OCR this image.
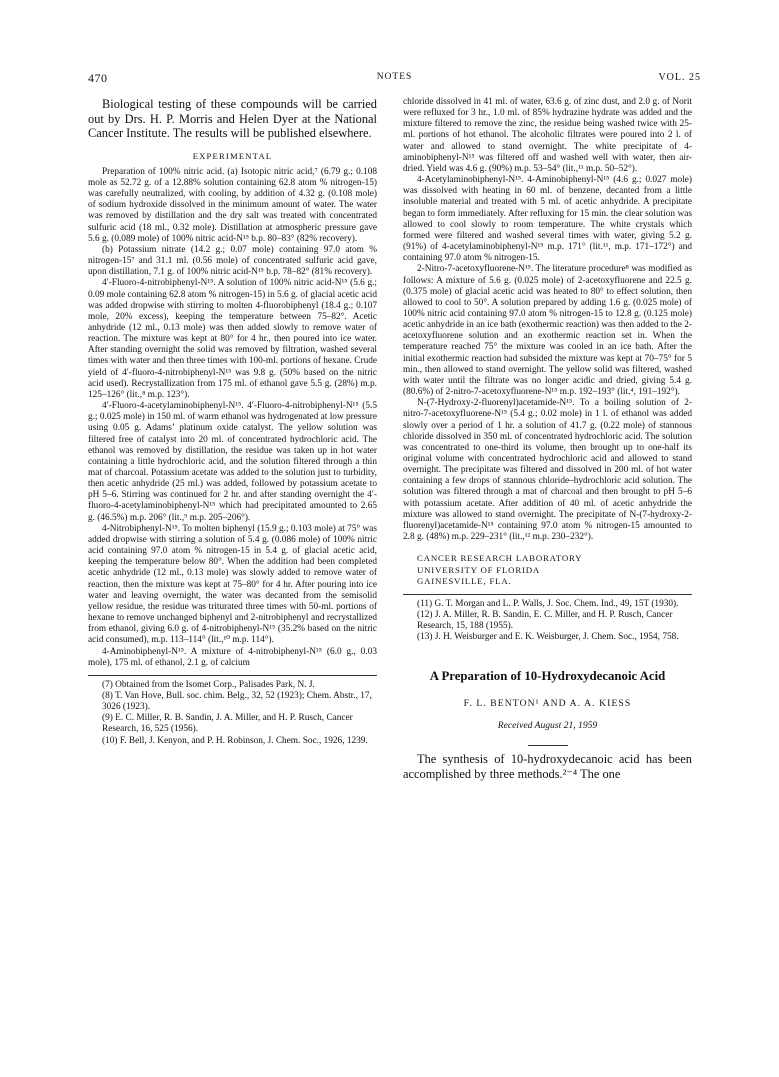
470	NOTES	VOL. 25

Biological testing of these compounds will be carried out by Drs. H. P. Morris and Helen Dyer at the National Cancer Institute. The results will be published elsewhere.

EXPERIMENTAL

Preparation of 100% nitric acid. (a) Isotopic nitric acid,⁷ (6.79 g.; 0.108 mole as 52.72 g. of a 12.88% solution containing 62.8 atom % nitrogen-15) was carefully neutralized, with cooling, by addition of 4.32 g. (0.108 mole) of sodium hydroxide dissolved in the minimum amount of water. The water was removed by distillation and the dry salt was treated with concentrated sulfuric acid (18 ml., 0.32 mole). Distillation at atmospheric pressure gave 5.6 g. (0.089 mole) of 100% nitric acid-N¹⁵ b.p. 80–83° (82% recovery).

(b) Potassium nitrate (14.2 g.; 0.07 mole) containing 97.0 atom % nitrogen-15⁷ and 31.1 ml. (0.56 mole) of concentrated sulfuric acid gave, upon distillation, 7.1 g. of 100% nitric acid-N¹⁵ b.p. 78–82° (81% recovery).

4′-Fluoro-4-nitrobiphenyl-N¹⁵. A solution of 100% nitric acid-N¹⁵ (5.6 g.; 0.09 mole containing 62.8 atom % nitrogen-15) in 5.6 g. of glacial acetic acid was added dropwise with stirring to molten 4-fluorobiphenyl (18.4 g.; 0.107 mole, 20% excess), keeping the temperature between 75–82°. Acetic anhydride (12 ml., 0.13 mole) was then added slowly to remove water of reaction. The mixture was kept at 80° for 4 hr., then poured into ice water. After standing overnight the solid was removed by filtration, washed several times with water and then three times with 100-ml. portions of hexane. Crude yield of 4′-fluoro-4-nitrobiphenyl-N¹⁵ was 9.8 g. (50% based on the nitric acid used). Recrystallization from 175 ml. of ethanol gave 5.5 g. (28%) m.p. 125–126° (lit.,⁸ m.p. 123°).

4′-Fluoro-4-acetylaminobiphenyl-N¹⁵. 4′-Fluoro-4-nitrobiphenyl-N¹⁵ (5.5 g.; 0.025 mole) in 150 ml. of warm ethanol was hydrogenated at low pressure using 0.05 g. Adams’ platinum oxide catalyst. The yellow solution was filtered free of catalyst into 20 ml. of concentrated hydrochloric acid. The ethanol was removed by distillation, the residue was taken up in hot water containing a little hydrochloric acid, and the solution filtered through a thin mat of charcoal. Potassium acetate was added to the solution just to turbidity, then acetic anhydride (25 ml.) was added, followed by potassium acetate to pH 5–6. Stirring was continued for 2 hr. and after standing overnight the 4′-fluoro-4-acetylaminobiphenyl-N¹⁵ which had precipitated amounted to 2.65 g. (46.5%) m.p. 206° (lit.,⁹ m.p. 205–206°).

4-Nitrobiphenyl-N¹⁵. To molten biphenyl (15.9 g.; 0.103 mole) at 75° was added dropwise with stirring a solution of 5.4 g. (0.086 mole) of 100% nitric acid containing 97.0 atom % nitrogen-15 in 5.4 g. of glacial acetic acid, keeping the temperature below 80°. When the addition had been completed acetic anhydride (12 ml., 0.13 mole) was slowly added to remove water of reaction, then the mixture was kept at 75–80° for 4 hr. After pouring into ice water and leaving overnight, the water was decanted from the semisolid yellow residue, the residue was triturated three times with 50-ml. portions of hexane to remove unchanged biphenyl and 2-nitrobiphenyl and recrystallized from ethanol, giving 6.0 g. of 4-nitrobiphenyl-N¹⁵ (35.2% based on the nitric acid consumed), m.p. 113–114° (lit.,¹⁰ m.p. 114°).

4-Aminobiphenyl-N¹⁵. A mixture of 4-nitrobiphenyl-N¹⁵ (6.0 g., 0.03 mole), 175 ml. of ethanol, 2.1 g. of calcium

(7) Obtained from the Isomet Corp., Palisades Park, N. J.

(8) T. Van Hove, Bull. soc. chim. Belg., 32, 52 (1923); Chem. Abstr., 17, 3026 (1923).

(9) E. C. Miller, R. B. Sandin, J. A. Miller, and H. P. Rusch, Cancer Research, 16, 525 (1956).

(10) F. Bell, J. Kenyon, and P. H. Robinson, J. Chem. Soc., 1926, 1239.

chloride dissolved in 41 ml. of water, 63.6 g. of zinc dust, and 2.0 g. of Norit were refluxed for 3 hr., 1.0 ml. of 85% hydrazine hydrate was added and the mixture filtered to remove the zinc, the residue being washed twice with 25-ml. portions of hot ethanol. The alcoholic filtrates were poured into 2 l. of water and allowed to stand overnight. The white precipitate of 4-aminobiphenyl-N¹⁵ was filtered off and washed well with water, then air-dried. Yield was 4.6 g. (90%) m.p. 53–54° (lit.,¹¹ m.p. 50–52°).

4-Acetylaminobiphenyl-N¹⁵. 4-Aminobiphenyl-N¹⁵ (4.6 g.; 0.027 mole) was dissolved with heating in 60 ml. of benzene, decanted from a little insoluble material and treated with 5 ml. of acetic anhydride. A precipitate began to form immediately. After refluxing for 15 min. the clear solution was allowed to cool slowly to room temperature. The white crystals which formed were filtered and washed several times with water, giving 5.2 g. (91%) of 4-acetylaminobiphenyl-N¹⁵ m.p. 171° (lit.¹¹, m.p. 171–172°) and containing 97.0 atom % nitrogen-15.

2-Nitro-7-acetoxyfluorene-N¹⁵. The literature procedure⁸ was modified as follows: A mixture of 5.6 g. (0.025 mole) of 2-acetoxyfluorene and 22.5 g. (0.375 mole) of glacial acetic acid was heated to 80° to effect solution, then allowed to cool to 50°. A solution prepared by adding 1.6 g. (0.025 mole) of 100% nitric acid containing 97.0 atom % nitrogen-15 to 12.8 g. (0.125 mole) acetic anhydride in an ice bath (exothermic reaction) was then added to the 2-acetoxyfluorene solution and an exothermic reaction set in. When the temperature reached 75° the mixture was cooled in an ice bath. After the initial exothermic reaction had subsided the mixture was kept at 70–75° for 5 min., then allowed to stand overnight. The yellow solid was filtered, washed with water until the filtrate was no longer acidic and dried, giving 5.4 g. (80.6%) of 2-nitro-7-acetoxyfluorene-N¹⁵ m.p. 192–193° (lit.⁴, 191–192°).

N-(7-Hydroxy-2-fluorenyl)acetamide-N¹⁵. To a boiling solution of 2-nitro-7-acetoxyfluorene-N¹⁵ (5.4 g.; 0.02 mole) in 1 l. of ethanol was added slowly over a period of 1 hr. a solution of 41.7 g. (0.22 mole) of stannous chloride dissolved in 350 ml. of concentrated hydrochloric acid. The solution was concentrated to one-third its volume, then brought up to one-half its original volume with concentrated hydrochloric acid and allowed to stand overnight. The precipitate was filtered and dissolved in 200 ml. of hot water containing a few drops of stannous chloride–hydrochloric acid solution. The solution was filtered through a mat of charcoal and then brought to pH 5–6 with potassium acetate. After addition of 40 ml. of acetic anhydride the mixture was allowed to stand overnight. The precipitate of N-(7-hydroxy-2-fluorenyl)acetamide-N¹⁵ containing 97.0 atom % nitrogen-15 amounted to 2.8 g. (48%) m.p. 229–231° (lit.,¹² m.p. 230–232°).

CANCER RESEARCH LABORATORY
UNIVERSITY OF FLORIDA
GAINESVILLE, FLA.

(11) G. T. Morgan and L. P. Walls, J. Soc. Chem. Ind., 49, 15T (1930).

(12) J. A. Miller, R. B. Sandin, E. C. Miller, and H. P. Rusch, Cancer Research, 15, 188 (1955).

(13) J. H. Weisburger and E. K. Weisburger, J. Chem. Soc., 1954, 758.

A Preparation of 10-Hydroxydecanoic Acid
F. L. BENTON¹ AND A. A. KIESS
Received August 21, 1959

The synthesis of 10-hydroxydecanoic acid has been accomplished by three methods.²⁻⁴ The one
